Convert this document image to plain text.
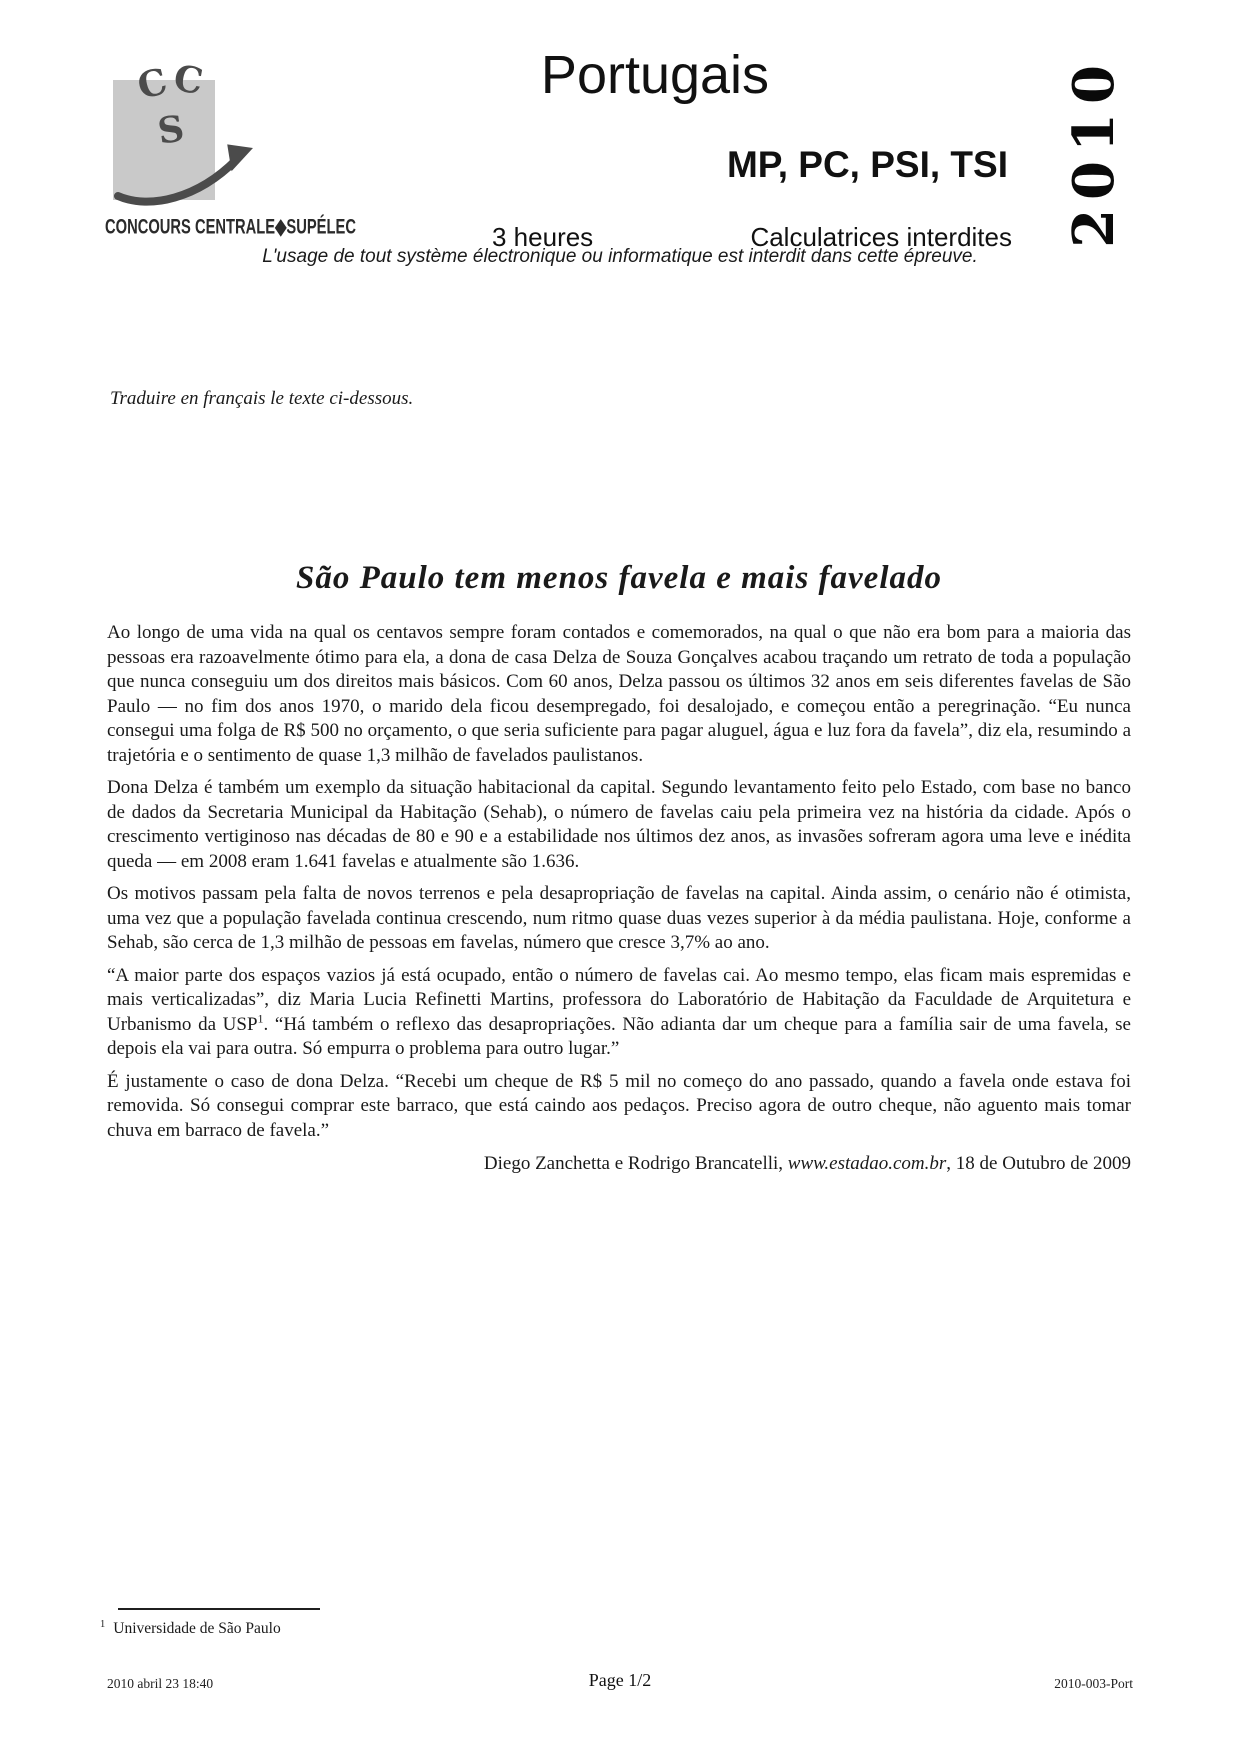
C C
S
CONCOURS CENTRALE◆SUPÉLEC
Portugais
MP, PC, PSI, TSI
3 heures	Calculatrices interdites 2010
L'usage de tout système électronique ou informatique est interdit dans cette épreuve.
Traduire en français le texte ci-dessous.
São Paulo tem menos favela e mais favelado

Ao longo de uma vida na qual os centavos sempre foram contados e comemorados, na qual o que não era bom para a maioria das pessoas era razoavelmente ótimo para ela, a dona de casa Delza de Souza Gonçalves acabou traçando um retrato de toda a população que nunca conseguiu um dos direitos mais básicos. Com 60 anos, Delza passou os últimos 32 anos em seis diferentes favelas de São Paulo — no fim dos anos 1970, o marido dela ficou desempregado, foi desalojado, e começou então a peregrinação. “Eu nunca consegui uma folga de R$ 500 no orçamento, o que seria suficiente para pagar aluguel, água e luz fora da favela”, diz ela, resumindo a trajetória e o sentimento de quase 1,3 milhão de favelados paulistanos.

Dona Delza é também um exemplo da situação habitacional da capital. Segundo levantamento feito pelo Estado, com base no banco de dados da Secretaria Municipal da Habitação (Sehab), o número de favelas caiu pela primeira vez na história da cidade. Após o crescimento vertiginoso nas décadas de 80 e 90 e a estabilidade nos últimos dez anos, as invasões sofreram agora uma leve e inédita queda — em 2008 eram 1.641 favelas e atualmente são 1.636.

Os motivos passam pela falta de novos terrenos e pela desapropriação de favelas na capital. Ainda assim, o cenário não é otimista, uma vez que a população favelada continua crescendo, num ritmo quase duas vezes superior à da média paulistana. Hoje, conforme a Sehab, são cerca de 1,3 milhão de pessoas em favelas, número que cresce 3,7% ao ano.

“A maior parte dos espaços vazios já está ocupado, então o número de favelas cai. Ao mesmo tempo, elas ficam mais espremidas e mais verticalizadas”, diz Maria Lucia Refinetti Martins, professora do Laboratório de Habitação da Faculdade de Arquitetura e Urbanismo da USP$^1$. “Há também o reflexo das desapropriações. Não adianta dar um cheque para a família sair de uma favela, se depois ela vai para outra. Só empurra o problema para outro lugar.”

É justamente o caso de dona Delza. “Recebi um cheque de R$ 5 mil no começo do ano passado, quando a favela onde estava foi removida. Só consegui comprar este barraco, que está caindo aos pedaços. Preciso agora de outro cheque, não aguento mais tomar chuva em barraco de favela.”

Diego Zanchetta e Rodrigo Brancatelli, www.estadao.com.br, 18 de Outubro de 2009
$^1$ Universidade de São Paulo
2010 abril 23 18:40	Page 1/2	2010-003-Port
